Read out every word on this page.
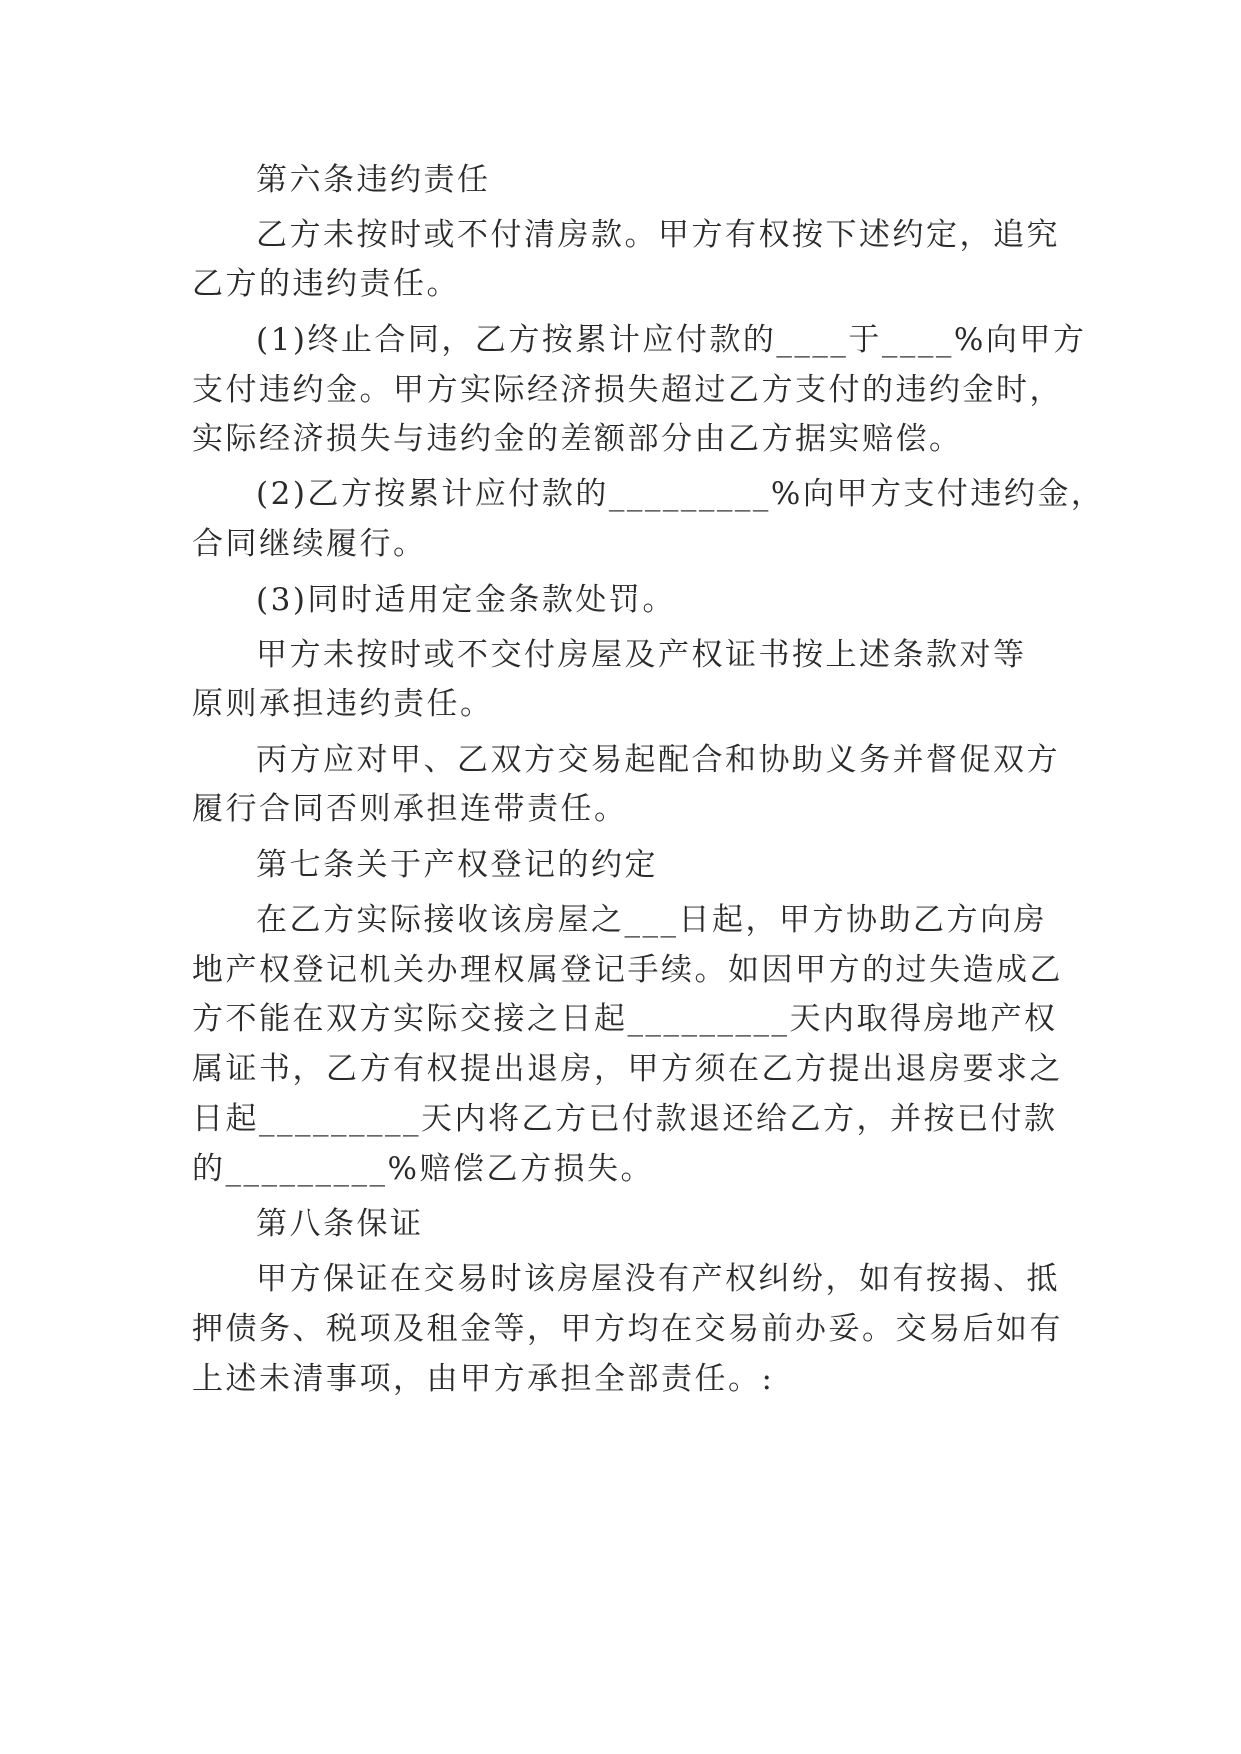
第六条违约责任
乙方未按时或不付清房款。甲方有权按下述约定，追究
乙方的违约责任。
(1)终止合同，乙方按累计应付款的____于____%向甲方
支付违约金。甲方实际经济损失超过乙方支付的违约金时，
实际经济损失与违约金的差额部分由乙方据实赔偿。
(2)乙方按累计应付款的_________%向甲方支付违约金，
合同继续履行。
(3)同时适用定金条款处罚。
甲方未按时或不交付房屋及产权证书按上述条款对等
原则承担违约责任。
丙方应对甲、乙双方交易起配合和协助义务并督促双方
履行合同否则承担连带责任。
第七条关于产权登记的约定
在乙方实际接收该房屋之___日起，甲方协助乙方向房
地产权登记机关办理权属登记手续。如因甲方的过失造成乙
方不能在双方实际交接之日起_________天内取得房地产权
属证书，乙方有权提出退房，甲方须在乙方提出退房要求之
日起_________天内将乙方已付款退还给乙方，并按已付款
的_________%赔偿乙方损失。
第八条保证
甲方保证在交易时该房屋没有产权纠纷，如有按揭、抵
押债务、税项及租金等，甲方均在交易前办妥。交易后如有
上述未清事项，由甲方承担全部责任。:
